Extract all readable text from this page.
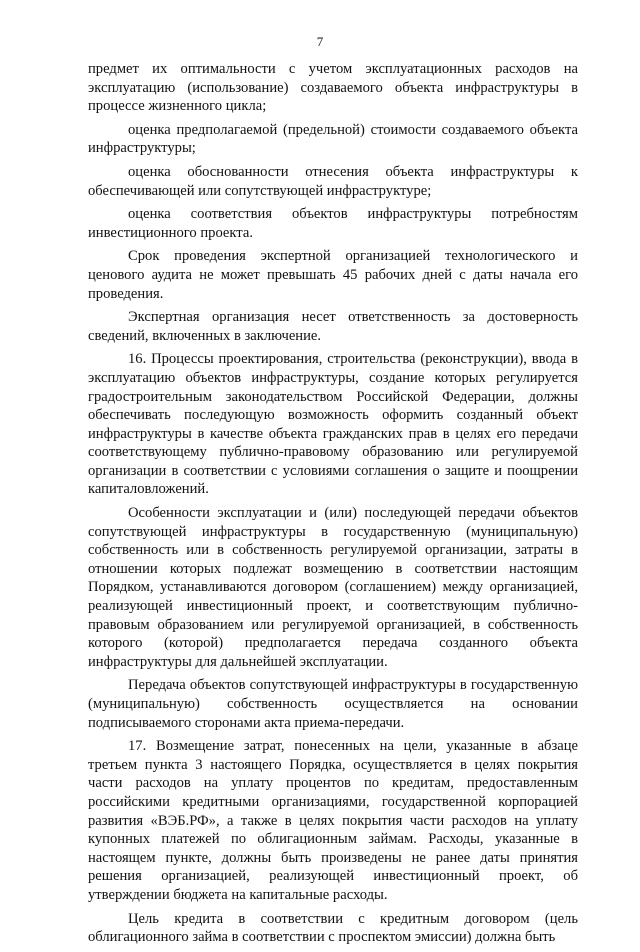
7

предмет их оптимальности с учетом эксплуатационных расходов на эксплуатацию (использование) создаваемого объекта инфраструктуры в процессе жизненного цикла;

оценка предполагаемой (предельной) стоимости создаваемого объекта инфраструктуры;

оценка обоснованности отнесения объекта инфраструктуры к обеспечивающей или сопутствующей инфраструктуре;

оценка соответствия объектов инфраструктуры потребностям инвестиционного проекта.

Срок проведения экспертной организацией технологического и ценового аудита не может превышать 45 рабочих дней с даты начала его проведения.

Экспертная организация несет ответственность за достоверность сведений, включенных в заключение.

16. Процессы проектирования, строительства (реконструкции), ввода в эксплуатацию объектов инфраструктуры, создание которых регулируется градостроительным законодательством Российской Федерации, должны обеспечивать последующую возможность оформить созданный объект инфраструктуры в качестве объекта гражданских прав в целях его передачи соответствующему публично-правовому образованию или регулируемой организации в соответствии с условиями соглашения о защите и поощрении капиталовложений.

Особенности эксплуатации и (или) последующей передачи объектов сопутствующей инфраструктуры в государственную (муниципальную) собственность или в собственность регулируемой организации, затраты в отношении которых подлежат возмещению в соответствии настоящим Порядком, устанавливаются договором (соглашением) между организацией, реализующей инвестиционный проект, и соответствующим публично-правовым образованием или регулируемой организацией, в собственность которого (которой) предполагается передача созданного объекта инфраструктуры для дальнейшей эксплуатации.

Передача объектов сопутствующей инфраструктуры в государственную (муниципальную) собственность осуществляется на основании подписываемого сторонами акта приема-передачи.

17. Возмещение затрат, понесенных на цели, указанные в абзаце третьем пункта 3 настоящего Порядка, осуществляется в целях покрытия части расходов на уплату процентов по кредитам, предоставленным российскими кредитными организациями, государственной корпорацией развития «ВЭБ.РФ», а также в целях покрытия части расходов на уплату купонных платежей по облигационным займам. Расходы, указанные в настоящем пункте, должны быть произведены не ранее даты принятия решения организацией, реализующей инвестиционный проект, об утверждении бюджета на капитальные расходы.

Цель кредита в соответствии с кредитным договором (цель облигационного займа в соответствии с проспектом эмиссии) должна быть
